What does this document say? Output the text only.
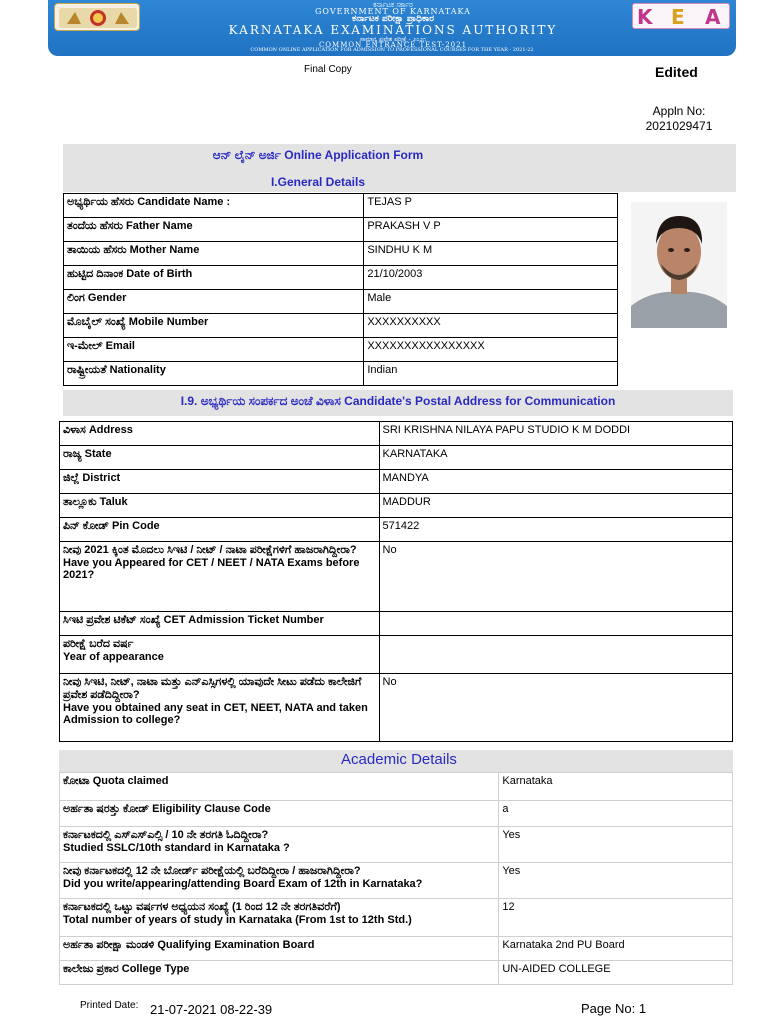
ಕರ್ನಾಟಕ ಸರ್ಕಾರ
GOVERNMENT OF KARNATAKA
ಕರ್ನಾಟಕ ಪರೀಕ್ಷಾ ಪ್ರಾಧಿಕಾರ
KARNATAKA EXAMINATIONS AUTHORITY
ಸಾಮಾನ್ಯ ಪ್ರವೇಶ ಪರೀಕ್ಷೆ - ೨೦೨೧
COMMON ENTRANCE TEST-2021
COMMON ONLINE APPLICATION FOR ADMISSION TO PROFESSIONAL COURSES FOR THE YEAR - 2021-22
K E A
Final Copy	Edited
Appln No:
2021029471
ಆನ್ ಲೈನ್ ಅರ್ಜಿ Online Application Form
I.General Details
ಅಭ್ಯರ್ಥಿಯ ಹೆಸರು Candidate Name :	TEJAS P
ತಂದೆಯ ಹೆಸರು Father Name	PRAKASH V P
ತಾಯಿಯ ಹೆಸರು Mother Name	SINDHU K M
ಹುಟ್ಟಿದ ದಿನಾಂಕ Date of Birth	21/10/2003
ಲಿಂಗ Gender	Male
ಮೊಬೈಲ್ ಸಂಖ್ಯೆ Mobile Number	XXXXXXXXXX
ಇ-ಮೇಲ್ Email	XXXXXXXXXXXXXXXX
ರಾಷ್ಟ್ರೀಯತೆ Nationality	Indian
I.9. ಅಭ್ಯರ್ಥಿಯ ಸಂಪರ್ಕದ ಅಂಚೆ ವಿಳಾಸ Candidate's Postal Address for Communication
ವಿಳಾಸ Address	SRI KRISHNA NILAYA PAPU STUDIO K M DODDI
ರಾಜ್ಯ State	KARNATAKA
ಜಿಲ್ಲೆ District	MANDYA
ತಾಲ್ಲೂಕು Taluk	MADDUR
ಪಿನ್ ಕೋಡ್ Pin Code	571422

ನೀವು 2021 ಕ್ಕಿಂತ ಮೊದಲು ಸಿಇಟಿ / ನೀಟ್ / ನಾಟಾ ಪರೀಕ್ಷೆಗಳಿಗೆ ಹಾಜರಾಗಿದ್ದೀರಾ?
Have you Appeared for CET / NEET / NATA Exams before 2021?	No
ಸಿಇಟಿ ಪ್ರವೇಶ ಟಿಕೆಟ್ ಸಂಖ್ಯೆ CET Admission Ticket Number	

ಪರೀಕ್ಷೆ ಬರೆದ ವರ್ಷ
Year of appearance	

ನೀವು ಸಿಇಟಿ, ನೀಟ್, ನಾಟಾ ಮತ್ತು ಎನ್‌ಎಸ್ಸಿಗಳಲ್ಲಿ ಯಾವುದೇ ಸೀಟು ಪಡೆದು ಕಾಲೇಜಿಗೆ ಪ್ರವೇಶ ಪಡೆದಿದ್ದೀರಾ?
Have you obtained any seat in CET, NEET, NATA and taken Admission to college?	No
Academic Details
ಕೋಟಾ Quota claimed	Karnataka
ಅರ್ಹತಾ ಷರತ್ತು ಕೋಡ್ Eligibility Clause Code	a

ಕರ್ನಾಟಕದಲ್ಲಿ ಎಸ್‌ಎಸ್‌ಎಲ್ಸಿ / 10 ನೇ ತರಗತಿ ಓದಿದ್ದೀರಾ?
Studied SSLC/10th standard in Karnataka ?	Yes

ನೀವು ಕರ್ನಾಟಕದಲ್ಲಿ 12 ನೇ ಬೋರ್ಡ್ ಪರೀಕ್ಷೆಯಲ್ಲಿ ಬರೆದಿದ್ದೀರಾ / ಹಾಜರಾಗಿದ್ದೀರಾ?
Did you write/appearing/attending Board Exam of 12th in Karnataka?	Yes

ಕರ್ನಾಟಕದಲ್ಲಿ ಒಟ್ಟು ವರ್ಷಗಳ ಅಧ್ಯಯನ ಸಂಖ್ಯೆ (1 ರಿಂದ 12 ನೇ ತರಗತಿವರೆಗೆ)
Total number of years of study in Karnataka (From 1st to 12th Std.)	12
ಅರ್ಹತಾ ಪರೀಕ್ಷಾ ಮಂಡಳಿ Qualifying Examination Board	Karnataka 2nd PU Board
ಕಾಲೇಜು ಪ್ರಕಾರ College Type	UN-AIDED COLLEGE
Printed Date: 21-07-2021 08-22-39	Page No: 1
